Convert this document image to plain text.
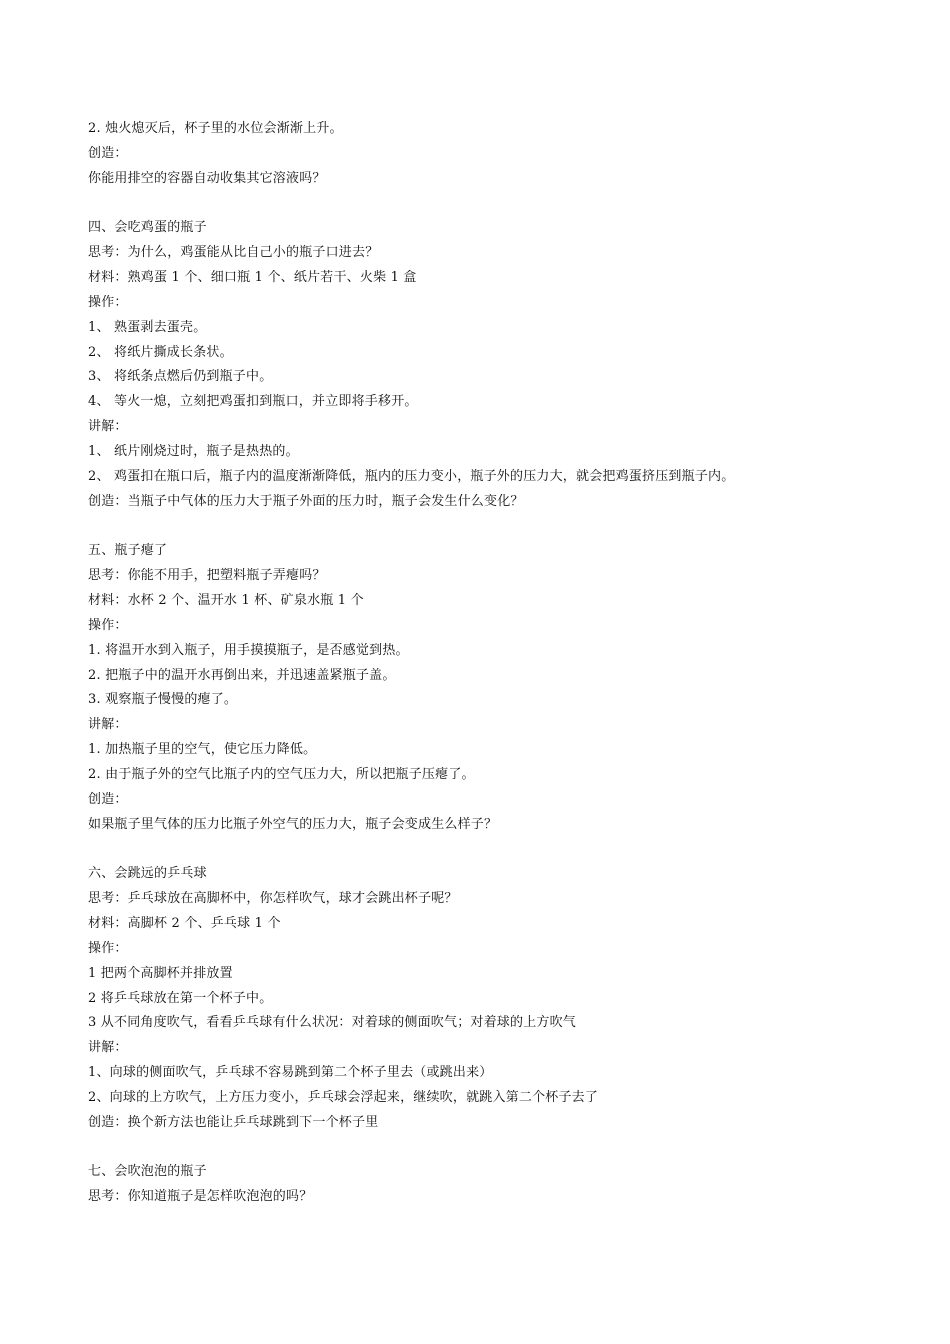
2. 烛火熄灭后，杯子里的水位会渐渐上升。
创造：
你能用排空的容器自动收集其它溶液吗？
四、会吃鸡蛋的瓶子
思考：为什么，鸡蛋能从比自己小的瓶子口进去？
材料：熟鸡蛋 1 个、细口瓶 1 个、纸片若干、火柴 1 盒
操作：
1、 熟蛋剥去蛋壳。
2、 将纸片撕成长条状。
3、 将纸条点燃后仍到瓶子中。
4、 等火一熄，立刻把鸡蛋扣到瓶口，并立即将手移开。
讲解：
1、 纸片刚烧过时，瓶子是热热的。
2、 鸡蛋扣在瓶口后，瓶子内的温度渐渐降低，瓶内的压力变小，瓶子外的压力大，就会把鸡蛋挤压到瓶子内。
创造：当瓶子中气体的压力大于瓶子外面的压力时，瓶子会发生什么变化？
五、瓶子瘪了
思考：你能不用手，把塑料瓶子弄瘪吗？
材料：水杯 2 个、温开水 1 杯、矿泉水瓶 1 个
操作：
1. 将温开水到入瓶子，用手摸摸瓶子，是否感觉到热。
2. 把瓶子中的温开水再倒出来，并迅速盖紧瓶子盖。
3. 观察瓶子慢慢的瘪了。
讲解：
1. 加热瓶子里的空气，使它压力降低。
2. 由于瓶子外的空气比瓶子内的空气压力大，所以把瓶子压瘪了。
创造：
如果瓶子里气体的压力比瓶子外空气的压力大，瓶子会变成生么样子？
六、会跳远的乒乓球
思考：乒乓球放在高脚杯中，你怎样吹气，球才会跳出杯子呢？
材料：高脚杯 2 个、乒乓球 1 个
操作：
1 把两个高脚杯并排放置
2 将乒乓球放在第一个杯子中。
3 从不同角度吹气，看看乒乓球有什么状况：对着球的侧面吹气；对着球的上方吹气
讲解：
1、向球的侧面吹气，乒乓球不容易跳到第二个杯子里去（或跳出来）
2、向球的上方吹气，上方压力变小，乒乓球会浮起来，继续吹，就跳入第二个杯子去了
创造：换个新方法也能让乒乓球跳到下一个杯子里
七、会吹泡泡的瓶子
思考：你知道瓶子是怎样吹泡泡的吗？
